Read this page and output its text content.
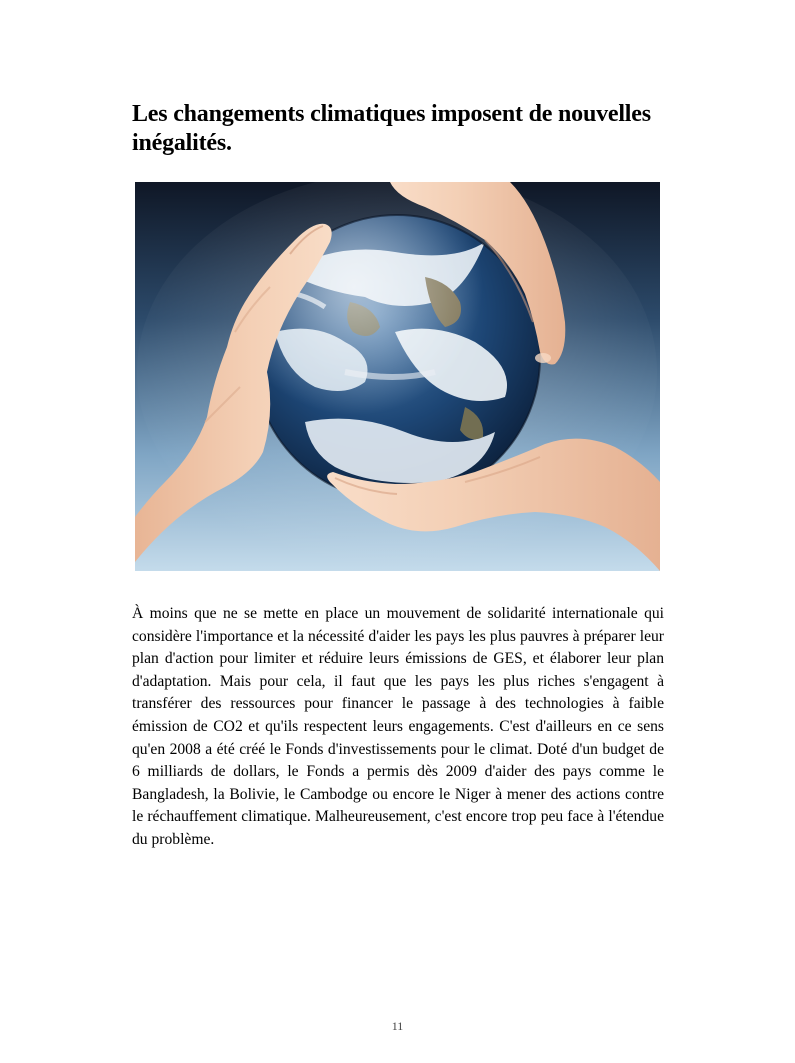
Les changements climatiques imposent de nouvelles inégalités.

À moins que ne se mette en place un mouvement de solidarité internationale qui considère l'importance et la nécessité d'aider les pays les plus pauvres à préparer leur plan d'action pour limiter et réduire leurs émissions de GES, et élaborer leur plan d'adaptation. Mais pour cela, il faut que les pays les plus riches s'engagent à transférer des ressources pour financer le passage à des technologies à faible émission de CO2 et qu'ils respectent leurs engagements. C'est d'ailleurs en ce sens qu'en 2008 a été créé le Fonds d'investissements pour le climat. Doté d'un budget de 6 milliards de dollars, le Fonds a permis dès 2009 d'aider des pays comme le Bangladesh, la Bolivie, le Cambodge ou encore le Niger à mener des actions contre le réchauffement climatique. Malheureusement, c'est encore trop peu face à l'étendue du problème.

11
